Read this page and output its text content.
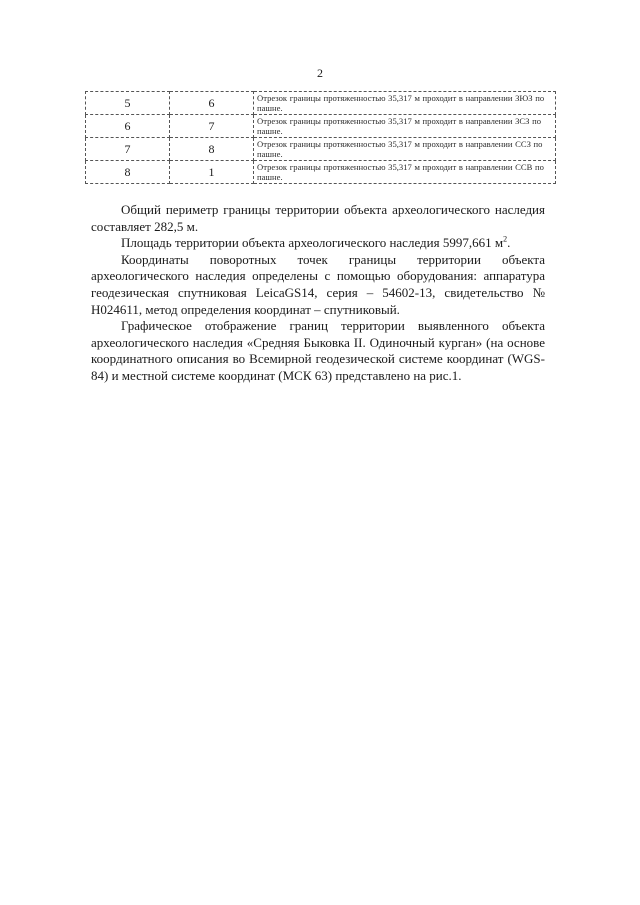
2
5	6	Отрезок границы протяженностью 35,317 м проходит в направлении ЗЮЗ по пашне.
6	7	Отрезок границы протяженностью 35,317 м проходит в направлении ЗСЗ по пашне.
7	8	Отрезок границы протяженностью 35,317 м проходит в направлении ССЗ по пашне.
8	1	Отрезок границы протяженностью 35,317 м проходит в направлении ССВ по пашне.

Общий периметр границы территории объекта археологического наследия составляет 282,5 м.

Площадь территории объекта археологического наследия 5997,661 $м^2$.

Координаты поворотных точек границы территории объекта археологического наследия определены с помощью оборудования: аппаратура геодезическая спутниковая LeicaGS14, серия – 54602-13, свидетельство № Н024611, метод определения координат – спутниковый.

Графическое отображение границ территории выявленного объекта археологического наследия «Средняя Быковка II. Одиночный курган» (на основе координатного описания во Всемирной геодезической системе координат (WGS-84) и местной системе координат (МСК 63) представлено на рис.1.
